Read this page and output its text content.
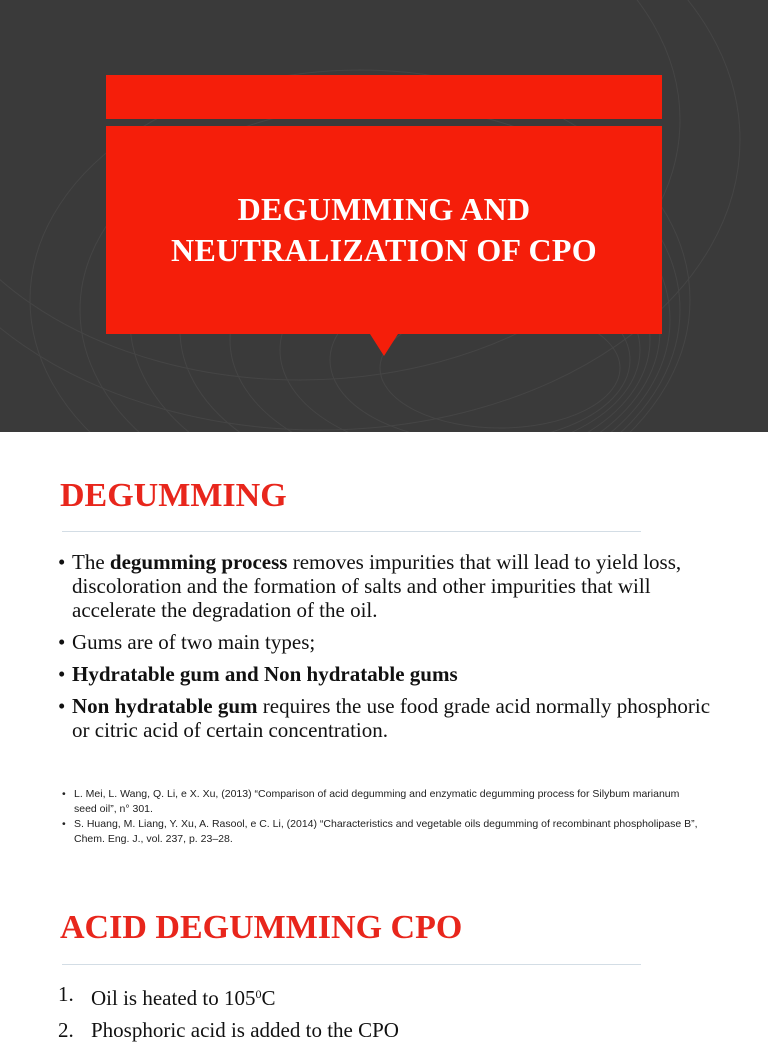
DEGUMMING AND
NEUTRALIZATION OF CPO
DEGUMMING
• The degumming process removes impurities that will lead to yield loss, discoloration and the formation of salts and other impurities that will accelerate the degradation of the oil.
• Gums are of two main types;
• Hydratable gum and Non hydratable gums
• Non hydratable gum requires the use food grade acid normally phosphoric or citric acid of certain concentration.
• L. Mei, L. Wang, Q. Li, e X. Xu, (2013) “Comparison of acid degumming and enzymatic degumming process for Silybum marianum seed oil”, n° 301.
• S. Huang, M. Liang, Y. Xu, A. Rasool, e C. Li, (2014) “Characteristics and vegetable oils degumming of recombinant phospholipase B”, Chem. Eng. J., vol. 237, p. 23–28.
ACID DEGUMMING CPO
1. Oil is heated to $105^0C$
2. Phosphoric acid is added to the CPO
